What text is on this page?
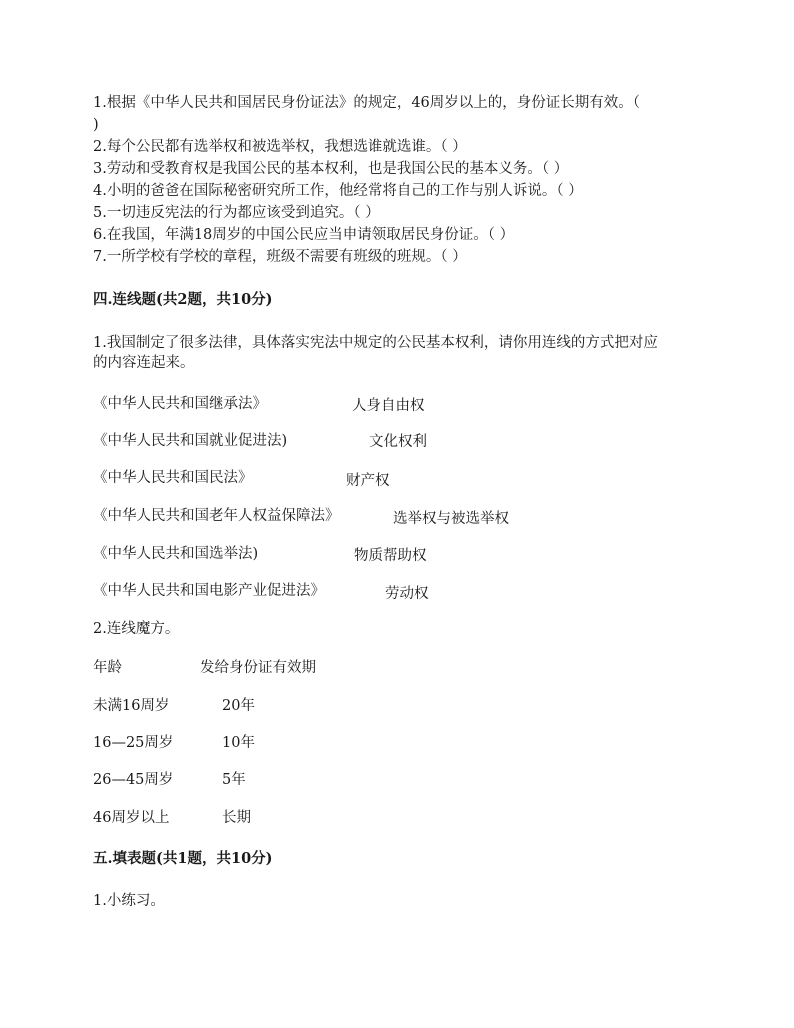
1.根据《中华人民共和国居民身份证法》的规定，46周岁以上的，身份证长期有效。（
)
2.每个公民都有选举权和被选举权，我想选谁就选谁。（ ）
3.劳动和受教育权是我国公民的基本权利，也是我国公民的基本义务。（ ）
4.小明的爸爸在国际秘密研究所工作，他经常将自己的工作与别人诉说。（ ）
5.一切违反宪法的行为都应该受到追究。（ ）
6.在我国，年满18周岁的中国公民应当申请领取居民身份证。（ ）
7.一所学校有学校的章程，班级不需要有班级的班规。（ ）
四.连线题(共2题，共10分)
1.我国制定了很多法律，具体落实宪法中规定的公民基本权利，请你用连线的方式把对应
的内容连起来。
《中华人民共和国继承法》	人身自由权
《中华人民共和国就业促进法)	文化权利
《中华人民共和国民法》	财产权
《中华人民共和国老年人权益保障法》	选举权与被选举权
《中华人民共和国选举法)	物质帮助权
《中华人民共和国电影产业促进法》	劳动权
2.连线魔方。
年龄	发给身份证有效期
未满16周岁	20年
16—25周岁	10年
26—45周岁	5年
46周岁以上	长期
五.填表题(共1题，共10分)
1.小练习。
